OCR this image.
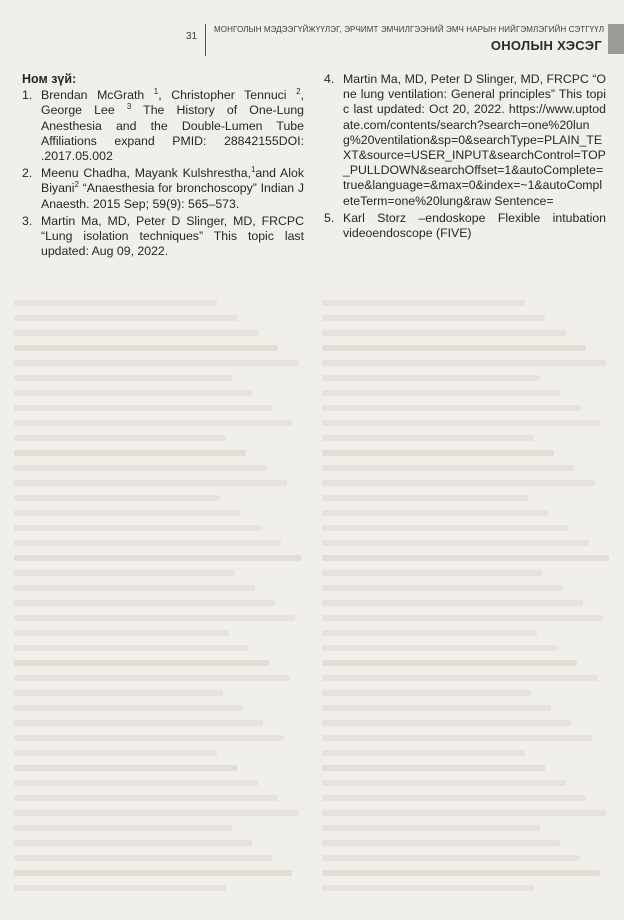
31
МОНГОЛЫН МЭДЭЭГҮЙЖҮҮЛЭГ, ЭРЧИМТ ЭМЧИЛГЭЭНИЙ ЭМЧ НАРЫН НИЙГЭМЛЭГИЙН СЭТГҮҮЛ
ОНОЛЫН ХЭСЭГ
Ном зүй:
1. Brendan McGrath $^1$, Christopher Tennuci $^2$, George Lee $^3$ The History of One-Lung Anesthesia and the Double-Lumen Tube Affiliations expand PMID: 28842155DOI: .2017.05.002
2. Meenu Chadha, Mayank Kulshrestha,$^1$and Alok Biyani$^2$ “Anaesthesia for bronchoscopy” Indian J Anaesth. 2015 Sep; 59(9): 565–573.
3. Martin Ma, MD, Peter D Slinger, MD, FRCPC “Lung isolation techniques” This topic last updated: Aug 09, 2022.
4. Martin Ma, MD, Peter D Slinger, MD, FRCPC “One lung ventilation: General principles” This topic last updated: Oct 20, 2022. https://www.uptodate.com/contents/search?search=one%20lung%20ventilation&sp=0&searchType=PLAIN_TEXT&source=USER_INPUT&searchControl=TOP_PULLDOWN&searchOffset=1&autoComplete=true&language=&max=0&index=~1&autoCompleteTerm=one%20lung&raw Sentence=
5. Karl Storz –endoskope Flexible intubation videoendoscope (FIVE)
